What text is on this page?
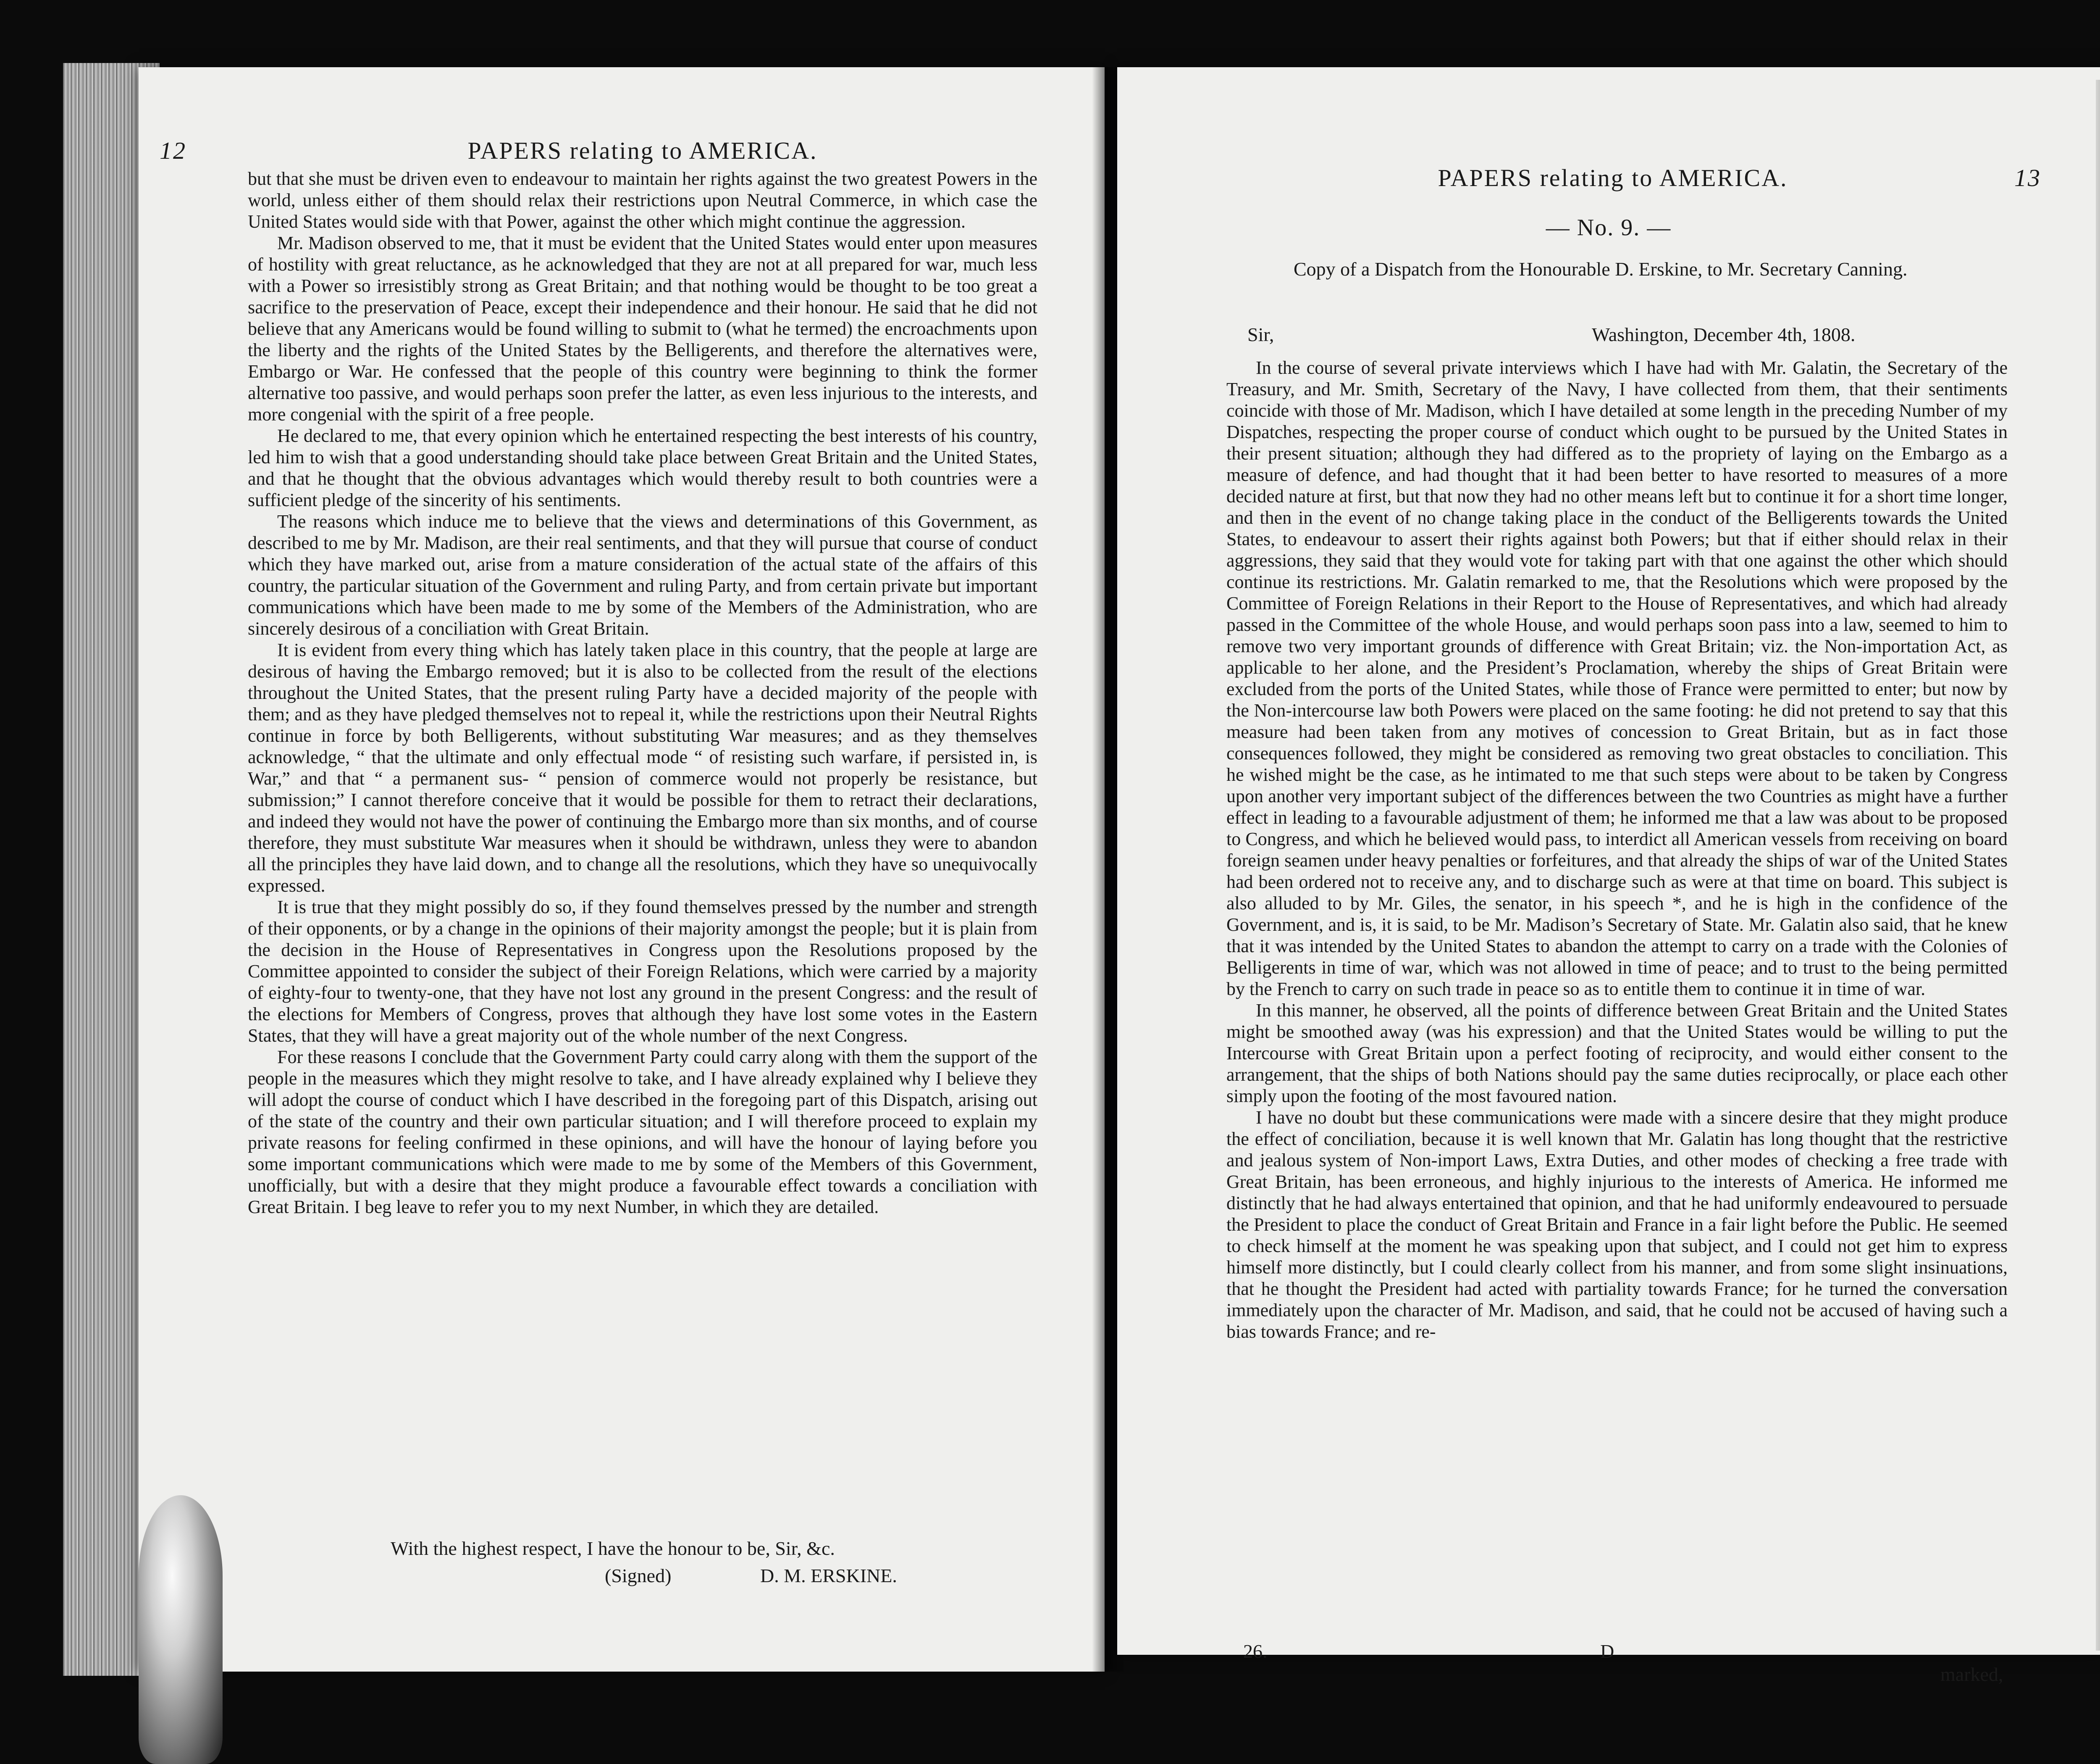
12	PAPERS relating to AMERICA.

but that she must be driven even to endeavour to maintain her rights against the two greatest Powers in the world, unless either of them should relax their restrictions upon Neutral Commerce, in which case the United States would side with that Power, against the other which might continue the aggression.

Mr. Madison observed to me, that it must be evident that the United States would enter upon measures of hostility with great reluctance, as he acknowledged that they are not at all prepared for war, much less with a Power so irresistibly strong as Great Britain; and that nothing would be thought to be too great a sacrifice to the preservation of Peace, except their independence and their honour. He said that he did not believe that any Americans would be found willing to submit to (what he termed) the encroachments upon the liberty and the rights of the United States by the Belligerents, and therefore the alternatives were, Embargo or War. He confessed that the people of this country were beginning to think the former alternative too passive, and would perhaps soon prefer the latter, as even less injurious to the interests, and more congenial with the spirit of a free people.

He declared to me, that every opinion which he entertained respecting the best interests of his country, led him to wish that a good understanding should take place between Great Britain and the United States, and that he thought that the obvious advantages which would thereby result to both countries were a sufficient pledge of the sincerity of his sentiments.

The reasons which induce me to believe that the views and determinations of this Government, as described to me by Mr. Madison, are their real sentiments, and that they will pursue that course of conduct which they have marked out, arise from a mature consideration of the actual state of the affairs of this country, the particular situation of the Government and ruling Party, and from certain private but important communications which have been made to me by some of the Members of the Administration, who are sincerely desirous of a conciliation with Great Britain.

It is evident from every thing which has lately taken place in this country, that the people at large are desirous of having the Embargo removed; but it is also to be collected from the result of the elections throughout the United States, that the present ruling Party have a decided majority of the people with them; and as they have pledged themselves not to repeal it, while the restrictions upon their Neutral Rights continue in force by both Belligerents, without substituting War measures; and as they themselves acknowledge, “ that the ultimate and only effectual mode “ of resisting such warfare, if persisted in, is War,” and that “ a permanent sus- “ pension of commerce would not properly be resistance, but submission;” I cannot therefore conceive that it would be possible for them to retract their declarations, and indeed they would not have the power of continuing the Embargo more than six months, and of course therefore, they must substitute War measures when it should be withdrawn, unless they were to abandon all the principles they have laid down, and to change all the resolutions, which they have so unequivocally expressed.

It is true that they might possibly do so, if they found themselves pressed by the number and strength of their opponents, or by a change in the opinions of their majority amongst the people; but it is plain from the decision in the House of Representatives in Congress upon the Resolutions proposed by the Committee appointed to consider the subject of their Foreign Relations, which were carried by a majority of eighty-four to twenty-one, that they have not lost any ground in the present Congress: and the result of the elections for Members of Congress, proves that although they have lost some votes in the Eastern States, that they will have a great majority out of the whole number of the next Congress.

For these reasons I conclude that the Government Party could carry along with them the support of the people in the measures which they might resolve to take, and I have already explained why I believe they will adopt the course of conduct which I have described in the foregoing part of this Dispatch, arising out of the state of the country and their own particular situation; and I will therefore proceed to explain my private reasons for feeling confirmed in these opinions, and will have the honour of laying before you some important communications which were made to me by some of the Members of this Government, unofficially, but with a desire that they might produce a favourable effect towards a conciliation with Great Britain. I beg leave to refer you to my next Number, in which they are detailed.

With the highest respect, I have the honour to be, Sir, &c.
(Signed)	D. M. ERSKINE.
PAPERS relating to AMERICA.	13
— No. 9. —
Copy of a Dispatch from the Honourable D. Erskine, to Mr. Secretary Canning.
Sir,	Washington, December 4th, 1808.

In the course of several private interviews which I have had with Mr. Galatin, the Secretary of the Treasury, and Mr. Smith, Secretary of the Navy, I have collected from them, that their sentiments coincide with those of Mr. Madison, which I have detailed at some length in the preceding Number of my Dispatches, respecting the proper course of conduct which ought to be pursued by the United States in their present situation; although they had differed as to the propriety of laying on the Embargo as a measure of defence, and had thought that it had been better to have resorted to measures of a more decided nature at first, but that now they had no other means left but to continue it for a short time longer, and then in the event of no change taking place in the conduct of the Belligerents towards the United States, to endeavour to assert their rights against both Powers; but that if either should relax in their aggressions, they said that they would vote for taking part with that one against the other which should continue its restrictions. Mr. Galatin remarked to me, that the Resolutions which were proposed by the Committee of Foreign Relations in their Report to the House of Representatives, and which had already passed in the Committee of the whole House, and would perhaps soon pass into a law, seemed to him to remove two very important grounds of difference with Great Britain; viz. the Non-importation Act, as applicable to her alone, and the President’s Proclamation, whereby the ships of Great Britain were excluded from the ports of the United States, while those of France were permitted to enter; but now by the Non-intercourse law both Powers were placed on the same footing: he did not pretend to say that this measure had been taken from any motives of concession to Great Britain, but as in fact those consequences followed, they might be considered as removing two great obstacles to conciliation. This he wished might be the case, as he intimated to me that such steps were about to be taken by Congress upon another very important subject of the differences between the two Countries as might have a further effect in leading to a favourable adjustment of them; he informed me that a law was about to be proposed to Congress, and which he believed would pass, to interdict all American vessels from receiving on board foreign seamen under heavy penalties or forfeitures, and that already the ships of war of the United States had been ordered not to receive any, and to discharge such as were at that time on board. This subject is also alluded to by Mr. Giles, the senator, in his speech *, and he is high in the confidence of the Government, and is, it is said, to be Mr. Madison’s Secretary of State. Mr. Galatin also said, that he knew that it was intended by the United States to abandon the attempt to carry on a trade with the Colonies of Belligerents in time of war, which was not allowed in time of peace; and to trust to the being permitted by the French to carry on such trade in peace so as to entitle them to continue it in time of war.

In this manner, he observed, all the points of difference between Great Britain and the United States might be smoothed away (was his expression) and that the United States would be willing to put the Intercourse with Great Britain upon a perfect footing of reciprocity, and would either consent to the arrangement, that the ships of both Nations should pay the same duties reciprocally, or place each other simply upon the footing of the most favoured nation.

I have no doubt but these communications were made with a sincere desire that they might produce the effect of conciliation, because it is well known that Mr. Galatin has long thought that the restrictive and jealous system of Non-import Laws, Extra Duties, and other modes of checking a free trade with Great Britain, has been erroneous, and highly injurious to the interests of America. He informed me distinctly that he had always entertained that opinion, and that he had uniformly endeavoured to persuade the President to place the conduct of Great Britain and France in a fair light before the Public. He seemed to check himself at the moment he was speaking upon that subject, and I could not get him to express himself more distinctly, but I could clearly collect from his manner, and from some slight insinuations, that he thought the President had acted with partiality towards France; for he turned the conversation immediately upon the character of Mr. Madison, and said, that he could not be accused of having such a bias towards France; and re-

26.	D
marked,
